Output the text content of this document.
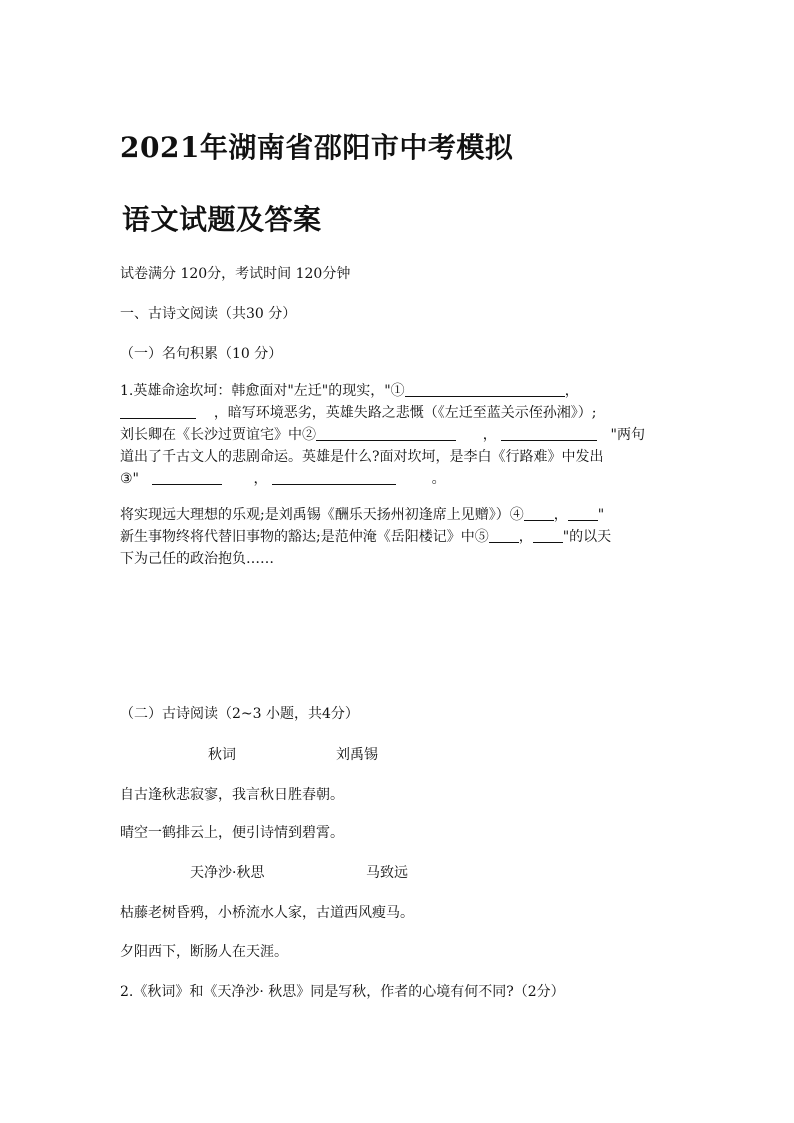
2021年湖南省邵阳市中考模拟
语文试题及答案

试卷满分 120分，考试时间 120分钟

一、古诗文阅读（共30 分）

（一）名句积累（10 分）

1.英雄命途坎坷：韩愈面对"左迁"的现实，"①	，
，暗写环境恶劣，英雄失路之悲慨（《左迁至蓝关示侄孙湘》）;
刘长卿在《长沙过贾谊宅》中②	，	"两句
道出了千古文人的悲剧命运。英雄是什么?面对坎坷，是李白《行路难》中发出
③"	，	。
将实现远大理想的乐观;是刘禹锡《酬乐天扬州初逢席上见赠》）④ ， "
新生事物终将代替旧事物的豁达;是范仲淹《岳阳楼记》中⑤ ， "的以天
下为己任的政治抱负……

（二）古诗阅读（2~3 小题，共4分）

秋词	刘禹锡

自古逢秋悲寂寥，我言秋日胜春朝。

晴空一鹤排云上，便引诗情到碧霄。

天净沙·秋思	马致远

枯藤老树昏鸦，小桥流水人家，古道西风瘦马。

夕阳西下，断肠人在天涯。

2.《秋词》和《天净沙· 秋思》同是写秋，作者的心境有何不同?（2分）
